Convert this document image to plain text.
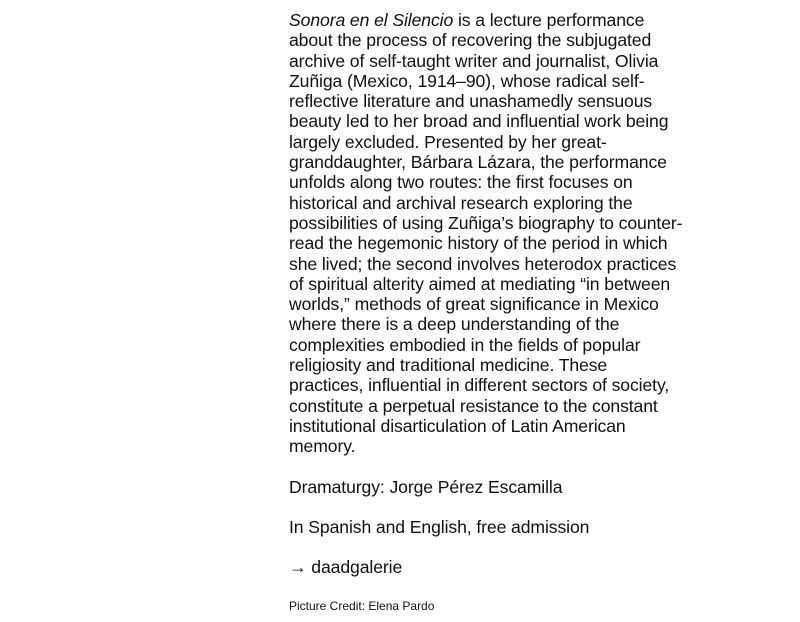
Sonora en el Silencio is a lecture performance about the process of recovering the subjugated archive of self-taught writer and journalist, Olivia Zuñiga (Mexico, 1914–90), whose radical self-reflective literature and unashamedly sensuous beauty led to her broad and influential work being largely excluded. Presented by her great-granddaughter, Bárbara Lázara, the performance unfolds along two routes: the first focuses on historical and archival research exploring the possibilities of using Zuñiga’s biography to counter-read the hegemonic history of the period in which she lived; the second involves heterodox practices of spiritual alterity aimed at mediating “in between worlds,” methods of great significance in Mexico where there is a deep understanding of the complexities embodied in the fields of popular religiosity and traditional medicine. These practices, influential in different sectors of society, constitute a perpetual resistance to the constant institutional disarticulation of Latin American memory.

Dramaturgy: Jorge Pérez Escamilla

In Spanish and English, free admission

→ daadgalerie

Picture Credit: Elena Pardo
